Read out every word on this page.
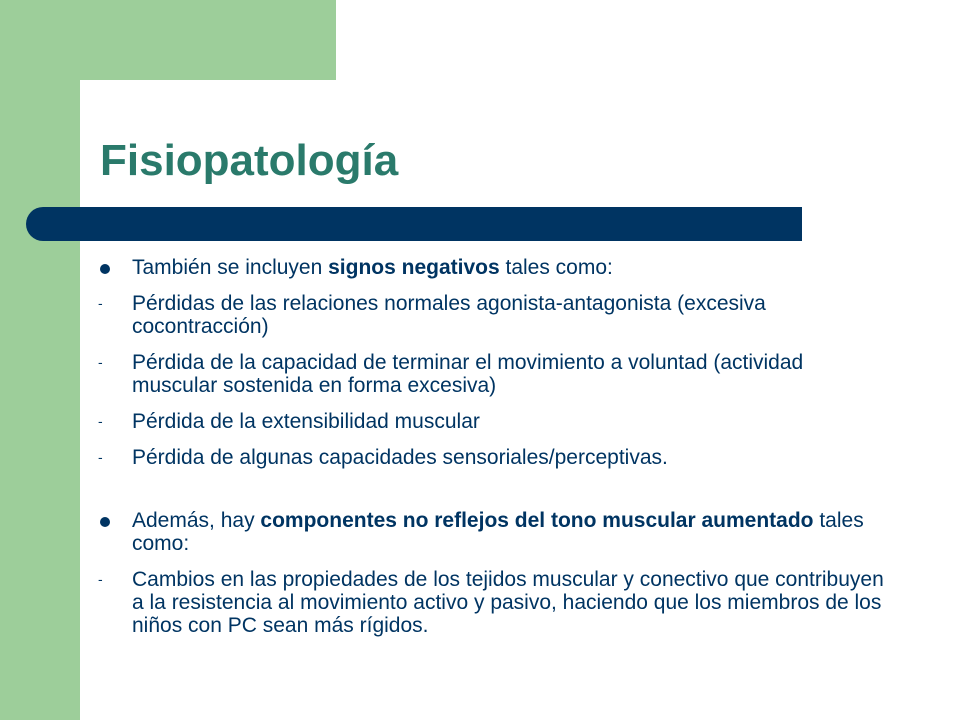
Fisiopatología
También se incluyen signos negativos tales como:
-	Pérdidas de las relaciones normales agonista-antagonista (excesiva cocontracción)
-	Pérdida de la capacidad de terminar el movimiento a voluntad (actividad muscular sostenida en forma excesiva)
-	Pérdida de la extensibilidad muscular
-	Pérdida de algunas capacidades sensoriales/perceptivas.
Además, hay componentes no reflejos del tono muscular aumentado tales como:
-	Cambios en las propiedades de los tejidos muscular y conectivo que contribuyen a la resistencia al movimiento activo y pasivo, haciendo que los miembros de los niños con PC sean más rígidos.
